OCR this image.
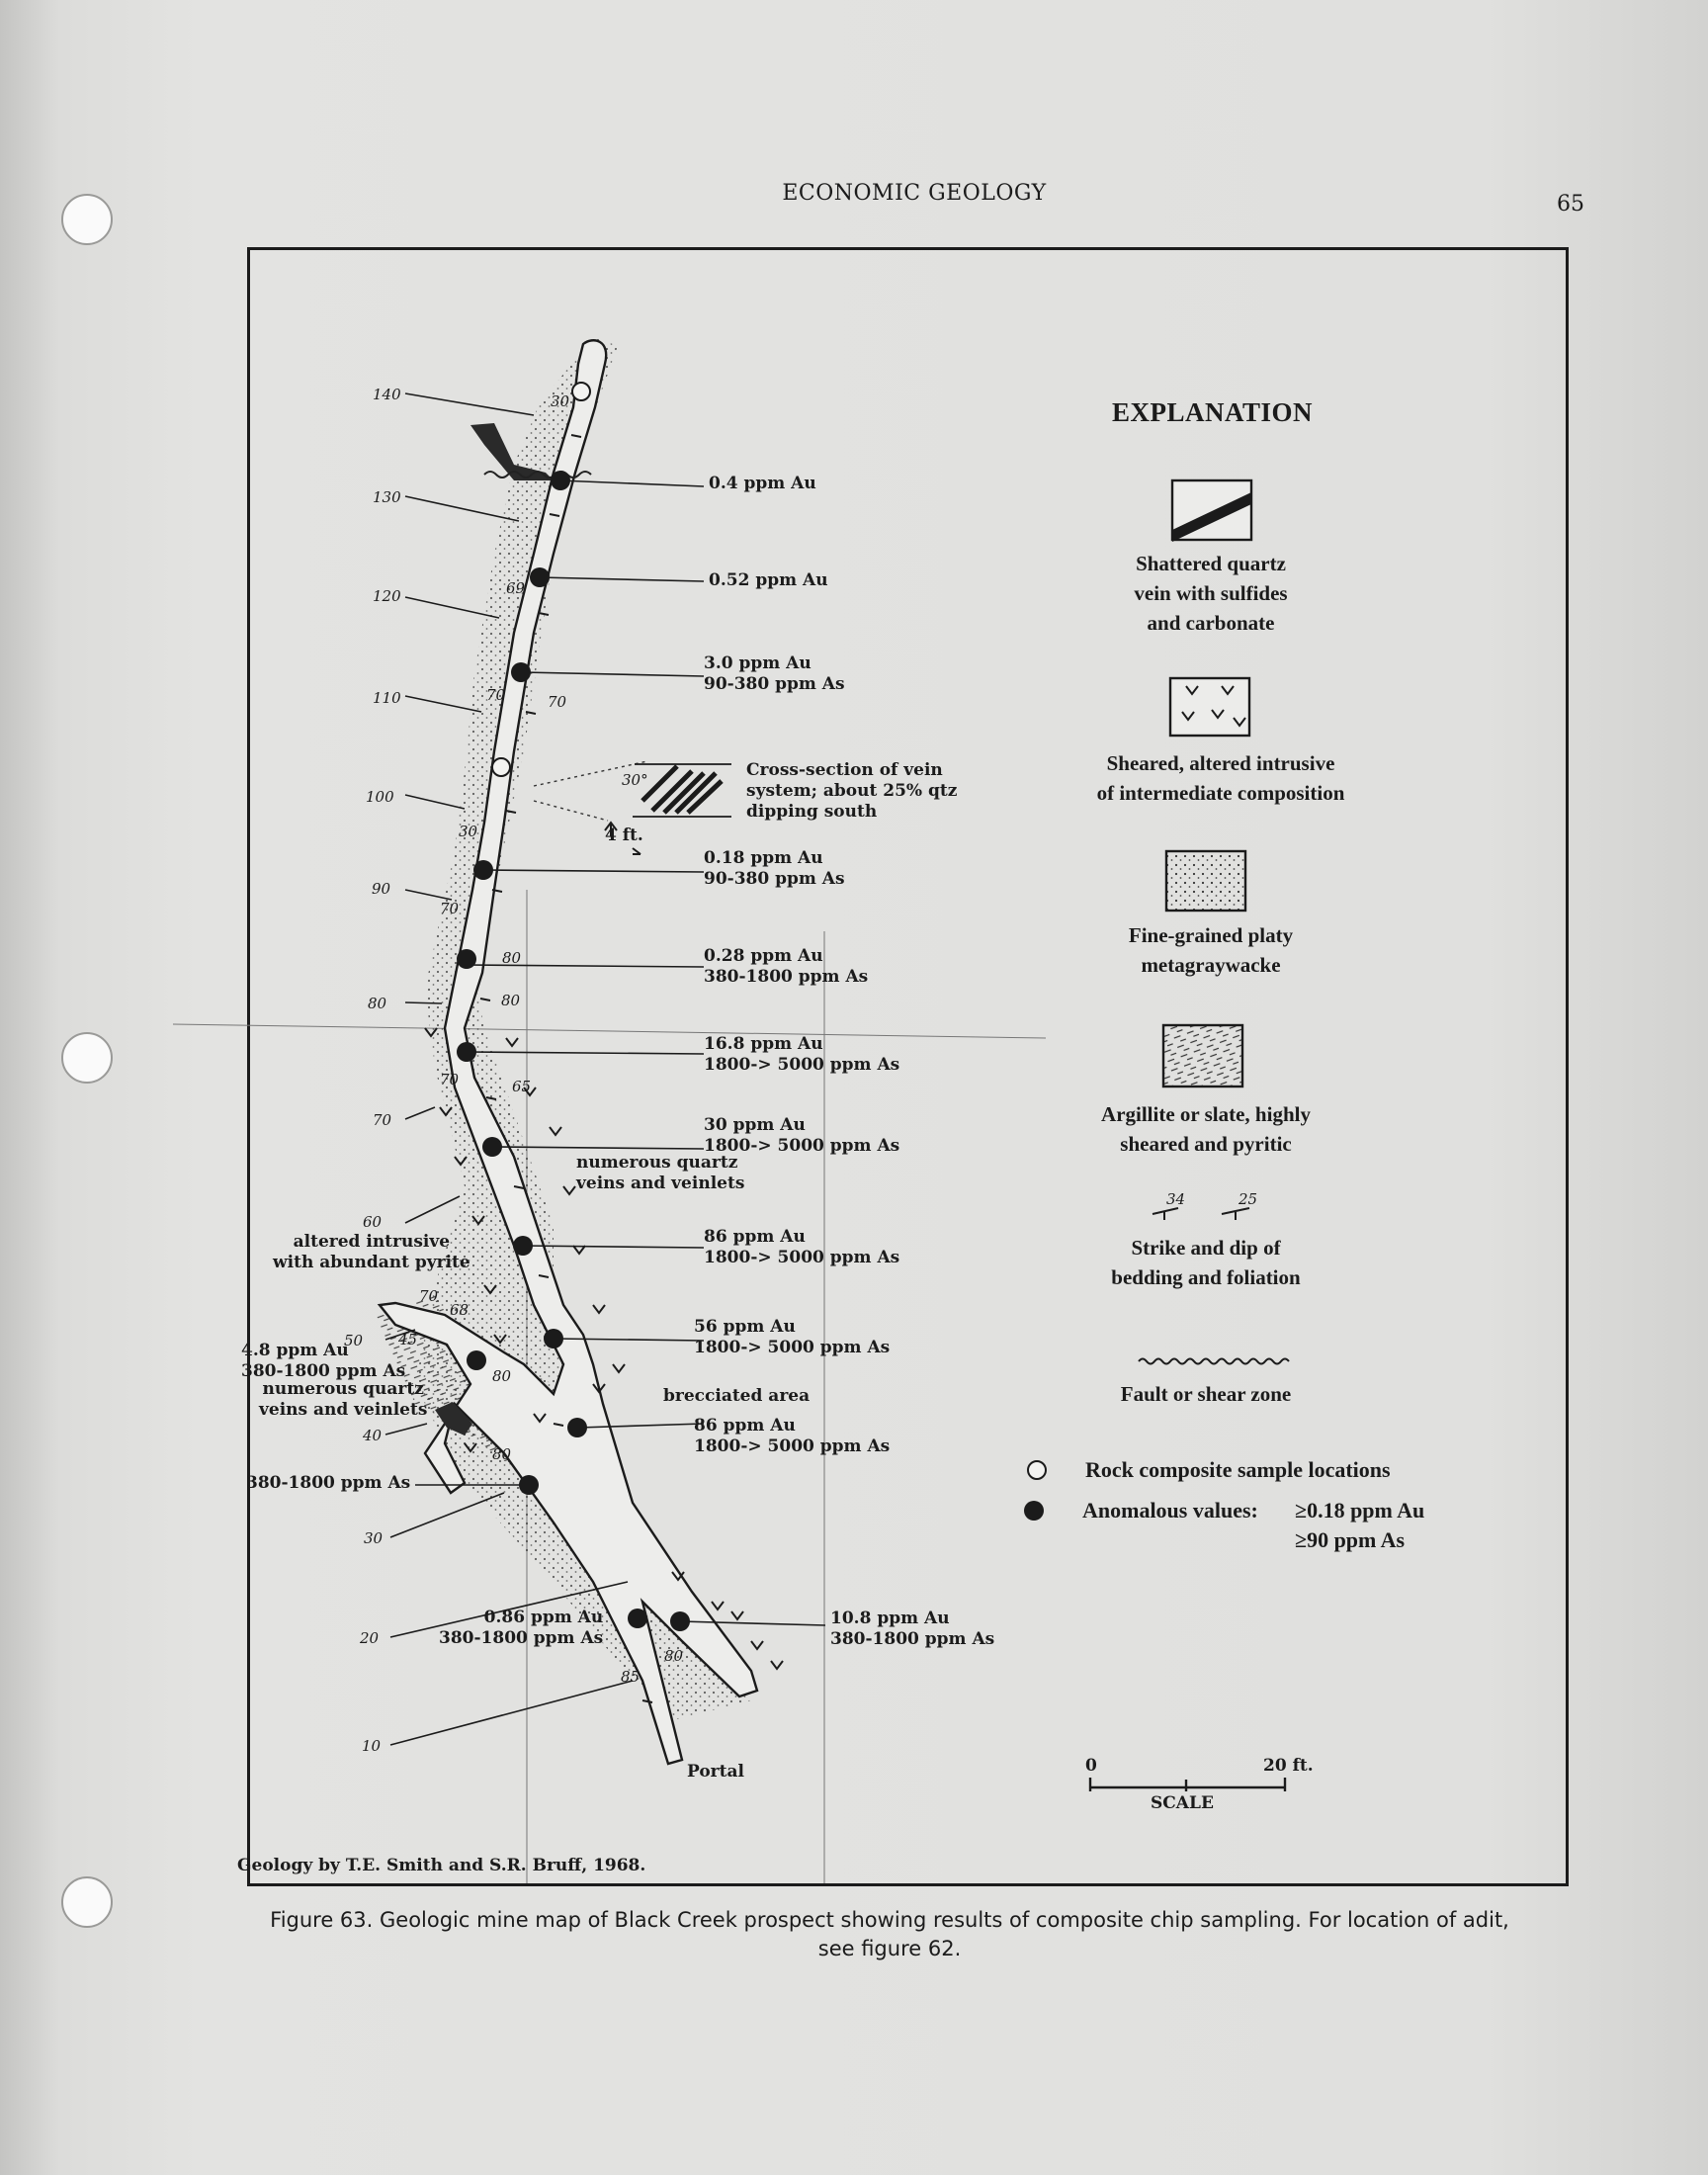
ECONOMIC GEOLOGY	65
140
130
120
110
100
90
80
70
60
50
40
30
20
10
30
69
70	70
30
70
80
80
70	65
70
68
45
80
80
85
80
0.4 ppm Au
0.52 ppm Au
3.0 ppm Au
90-380 ppm As
0.18 ppm Au
90-380 ppm As
0.28 ppm Au
380-1800 ppm As
16.8 ppm Au
1800-> 5000 ppm As
30 ppm Au
1800-> 5000 ppm As
86 ppm Au
1800-> 5000 ppm As
56 ppm Au
1800-> 5000 ppm As
86 ppm Au
1800-> 5000 ppm As
4.8 ppm Au
380-1800 ppm As
380-1800 ppm As
0.86 ppm Au
380-1800 ppm As
10.8 ppm Au
380-1800 ppm As
Cross-section of vein
system; about 25% qtz
dipping south
30°
4 ft.
numerous quartz
veins and veinlets
altered intrusive
with abundant pyrite
numerous quartz
veins and veinlets
brecciated area
Portal
EXPLANATION
Shattered quartz
vein with sulfides
and carbonate
Sheared, altered intrusive
of intermediate composition
Fine-grained platy
metagraywacke
Argillite or slate, highly
sheared and pyritic
34	25
Strike and dip of
bedding and foliation
Fault or shear zone
Rock composite sample locations
Anomalous values: ≥0.18 ppm Au
≥90 ppm As
0	20 ft.
SCALE
Geology by T.E. Smith and S.R. Bruff, 1968.
Figure 63. Geologic mine map of Black Creek prospect showing results of composite chip sampling. For location of adit,
see figure 62.
